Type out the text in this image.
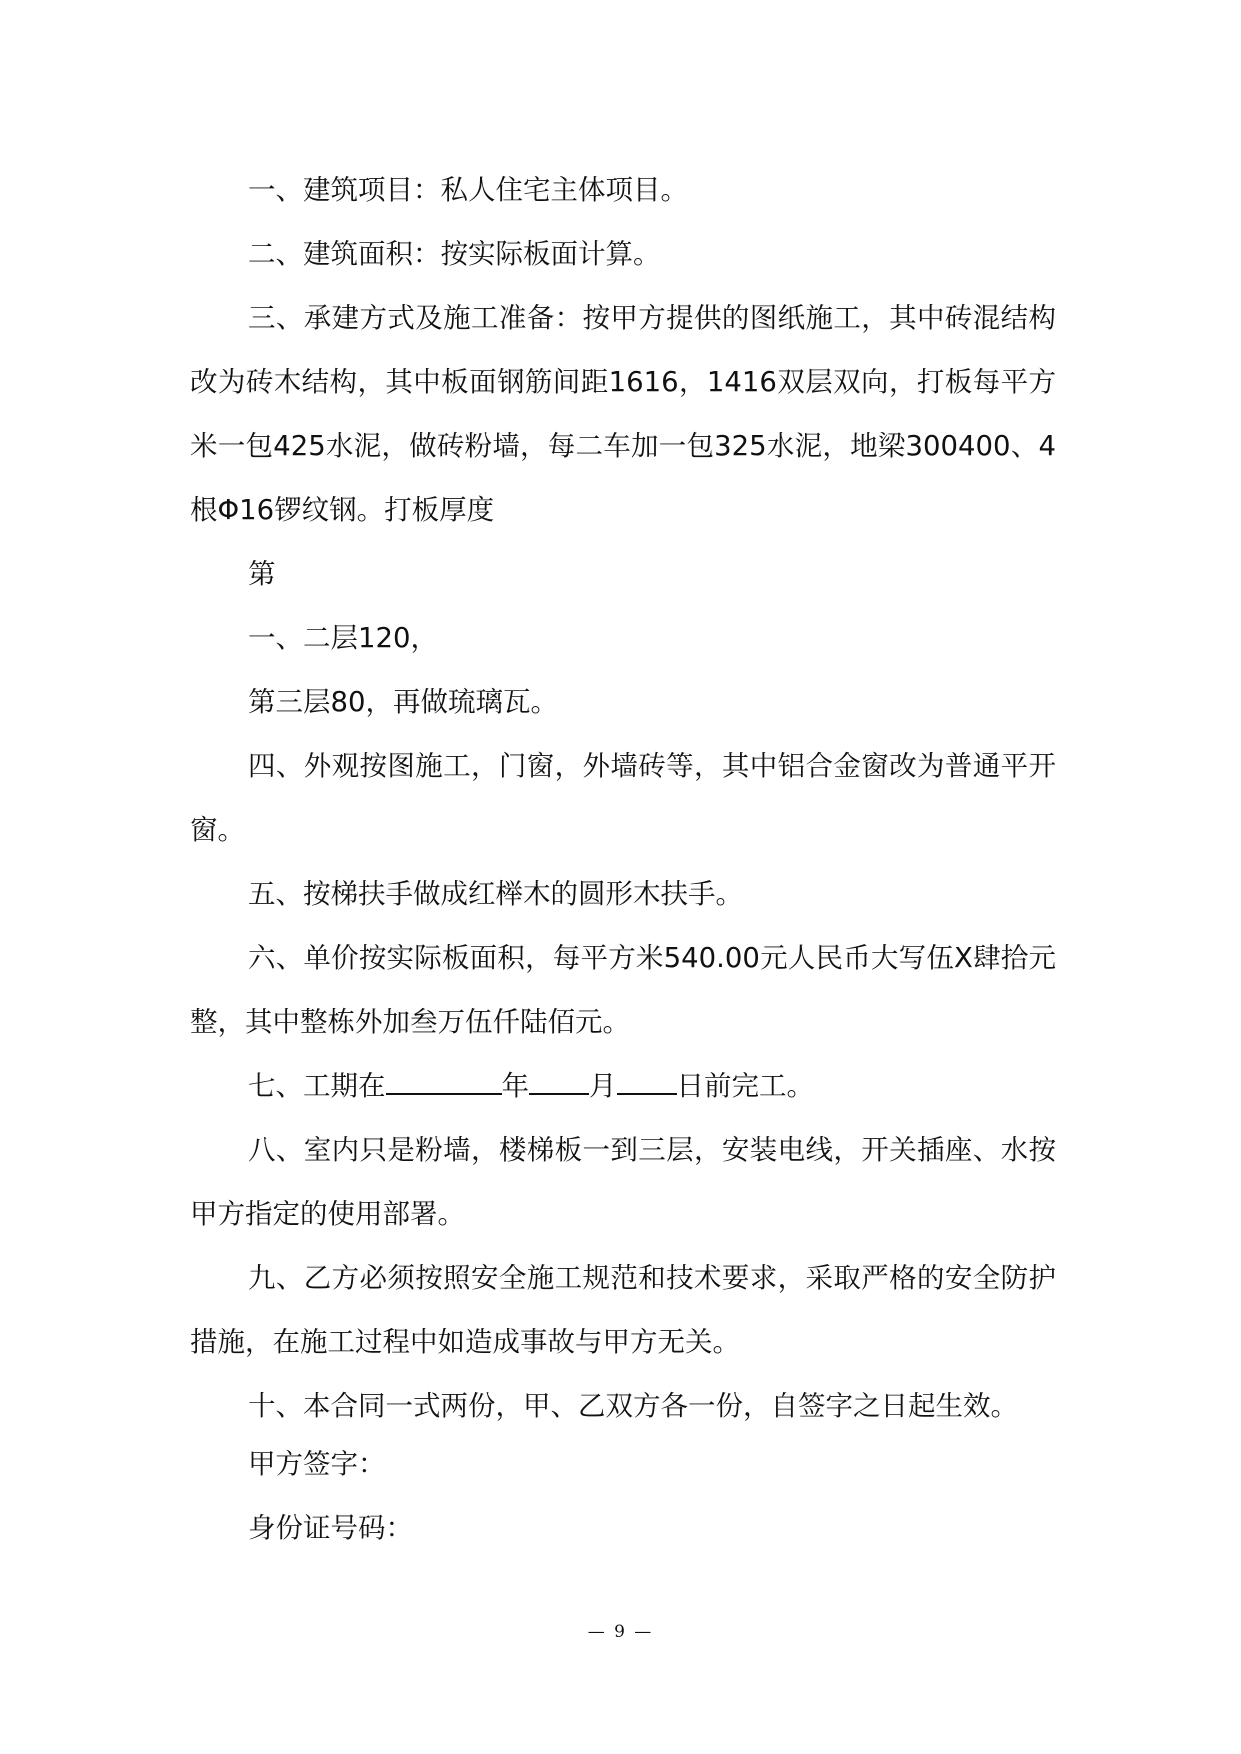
一、建筑项目：私人住宅主体项目。

二、建筑面积：按实际板面计算。

三、承建方式及施工准备：按甲方提供的图纸施工，其中砖混结构改为砖木结构，其中板面钢筋间距1616，1416双层双向，打板每平方米一包425水泥，做砖粉墙，每二车加一包325水泥，地梁300400、4根Φ16锣纹钢。打板厚度

第

一、二层120，

第三层80，再做琉璃瓦。

四、外观按图施工，门窗，外墙砖等，其中铝合金窗改为普通平开窗。

五、按梯扶手做成红榉木的圆形木扶手。

六、单价按实际板面积，每平方米540.00元人民币大写伍X肆拾元整，其中整栋外加叁万伍仟陆佰元。

七、工期在	年 月 日前完工。

八、室内只是粉墙，楼梯板一到三层，安装电线，开关插座、水按甲方指定的使用部署。

九、乙方必须按照安全施工规范和技术要求，采取严格的安全防护措施，在施工过程中如造成事故与甲方无关。

十、本合同一式两份，甲、乙双方各一份，自签字之日起生效。

甲方签字：

身份证号码：

— 9 —
